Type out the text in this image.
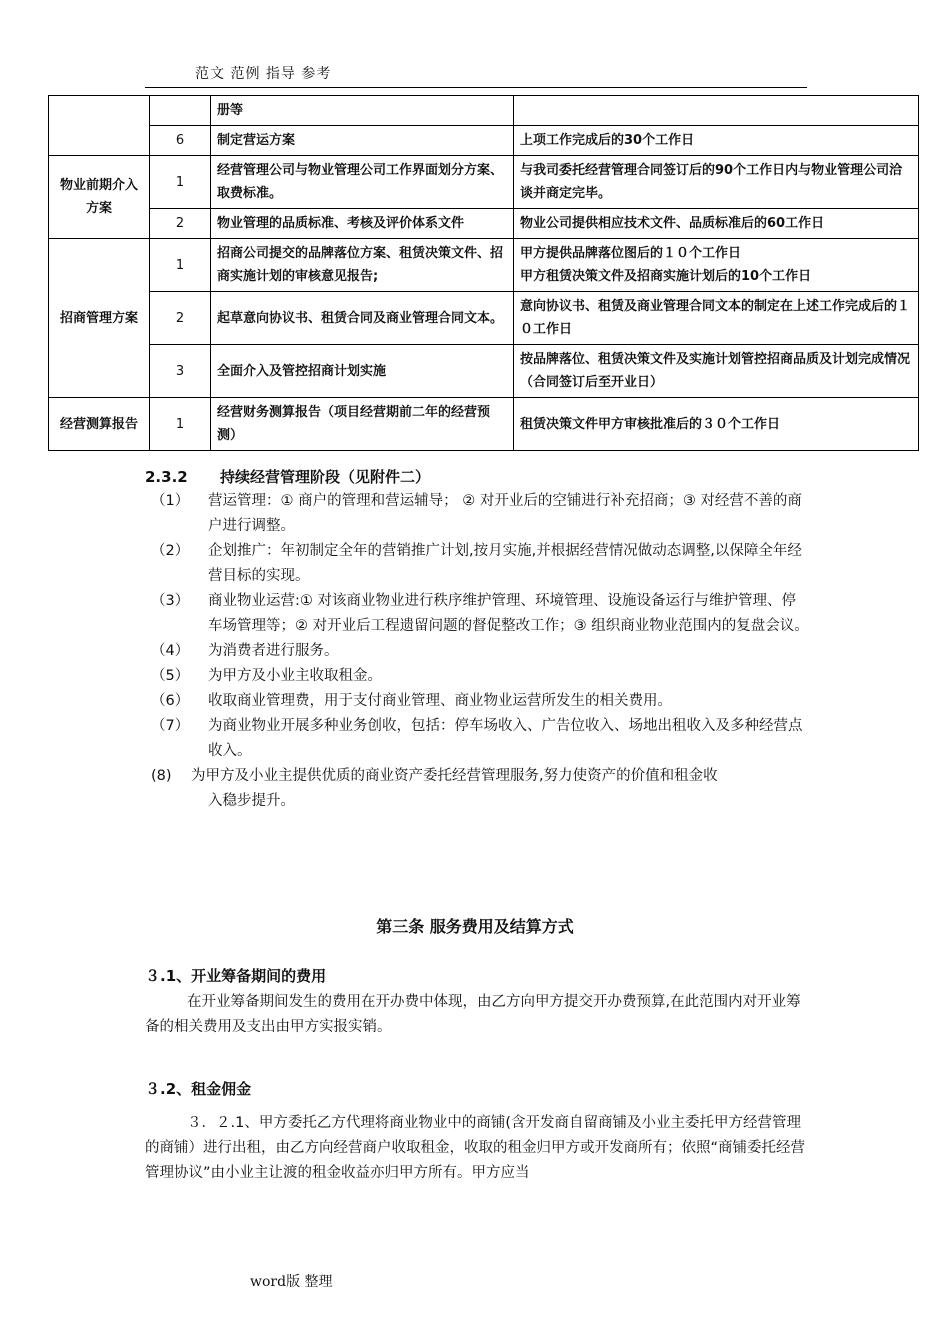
范文 范例 指导 参考
		册等	
	6	制定营运方案	上项工作完成后的30个工作日
物业前期介入方案	1	经营管理公司与物业管理公司工作界面划分方案、取费标准。	与我司委托经营管理合同签订后的90个工作日内与物业管理公司洽谈并商定完毕。
	2	物业管理的品质标准、考核及评价体系文件	物业公司提供相应技术文件、品质标准后的60工作日
招商管理方案	1	招商公司提交的品牌落位方案、租赁决策文件、招商实施计划的审核意见报告;	甲方提供品牌落位图后的１０个工作日
甲方租赁决策文件及招商实施计划后的10个工作日

	2	起草意向协议书、租赁合同及商业管理合同文本。	意向协议书、租赁及商业管理合同文本的制定在上述工作完成后的１０工作日
	3	全面介入及管控招商计划实施	按品牌落位、租赁决策文件及实施计划管控招商品质及计划完成情况（合同签订后至开业日）
经营测算报告	1	经营财务测算报告（项目经营期前二年的经营预测）	租赁决策文件甲方审核批准后的３０个工作日
2.3.2 持续经营管理阶段（见附件二）
（1）	营运管理：① 商户的管理和营运辅导； ② 对开业后的空铺进行补充招商；③ 对经营不善的商户进行调整。
（2）	企划推广：年初制定全年的营销推广计划,按月实施,并根据经营情况做动态调整,以保障全年经营目标的实现。
（3）	商业物业运营:① 对该商业物业进行秩序维护管理、环境管理、设施设备运行与维护管理、停车场管理等；② 对开业后工程遗留问题的督促整改工作；③ 组织商业物业范围内的复盘会议。
（4）	为消费者进行服务。
（5）	为甲方及小业主收取租金。
（6）	收取商业管理费，用于支付商业管理、商业物业运营所发生的相关费用。
（7）	为商业物业开展多种业务创收，包括：停车场收入、广告位收入、场地出租收入及多种经营点收入。
(8)	为甲方及小业主提供优质的商业资产委托经营管理服务,努力使资产的价值和租金收
入稳步提升。
第三条 服务费用及结算方式
３.1、开业筹备期间的费用
在开业筹备期间发生的费用在开办费中体现，由乙方向甲方提交开办费预算,在此范围内对开业筹备的相关费用及支出由甲方实报实销。
３.2、租金佣金
３．２.1、甲方委托乙方代理将商业物业中的商铺(含开发商自留商铺及小业主委托甲方经营管理的商铺）进行出租，由乙方向经营商户收取租金，收取的租金归甲方或开发商所有；依照“商铺委托经营管理协议”由小业主让渡的租金收益亦归甲方所有。甲方应当
word版 整理
